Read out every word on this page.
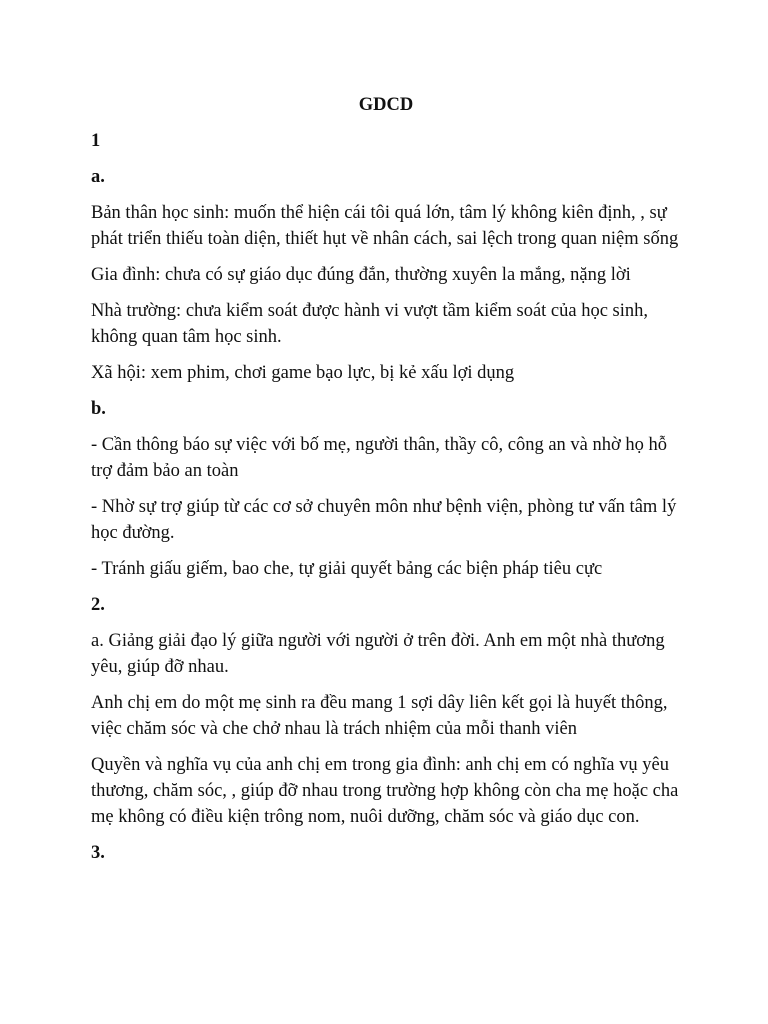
GDCD
1
a.
Bản thân học sinh: muốn thể hiện cái tôi quá lớn, tâm lý không kiên định, , sự phát triển thiếu toàn diện, thiết hụt về nhân cách, sai lệch trong quan niệm sống
Gia đình: chưa có sự giáo dục đúng đắn, thường xuyên la mắng, nặng lời
Nhà trường: chưa kiểm soát được hành vi vượt tầm kiểm soát của học sinh, không quan tâm học sinh.
Xã hội: xem phim, chơi game bạo lực, bị kẻ xấu lợi dụng
b.
- Cần thông báo sự việc với bố mẹ, người thân, thầy cô, công an và nhờ họ hỗ trợ đảm bảo an toàn
- Nhờ sự trợ giúp từ các cơ sở chuyên môn như bệnh viện, phòng tư vấn tâm lý học đường.
- Tránh giấu giếm, bao che, tự giải quyết bảng các biện pháp tiêu cực
2.
a. Giảng giải đạo lý giữa người với người ở trên đời. Anh em một nhà thương yêu, giúp đỡ nhau.
Anh chị em do một mẹ sinh ra đều mang 1 sợi dây liên kết gọi là huyết thông, việc chăm sóc và che chở nhau là trách nhiệm của mỗi thanh viên
Quyền và nghĩa vụ của anh chị em trong gia đình: anh chị em có nghĩa vụ yêu thương, chăm sóc, , giúp đỡ nhau trong trường hợp không còn cha mẹ hoặc cha mẹ không có điều kiện trông nom, nuôi dưỡng, chăm sóc và giáo dục con.
3.
